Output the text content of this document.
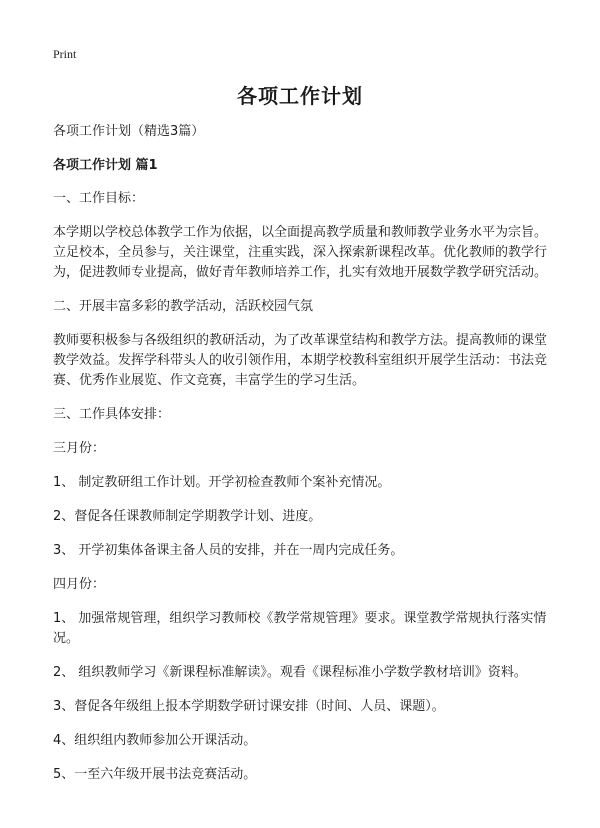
Print
各项工作计划
各项工作计划（精选3篇）
各项工作计划 篇1
一、工作目标：
本学期以学校总体教学工作为依据，以全面提高教学质量和教师教学业务水平为宗旨。立足校本，全员参与，关注课堂，注重实践，深入探索新课程改革。优化教师的教学行为，促进教师专业提高，做好青年教师培养工作，扎实有效地开展数学教学研究活动。
二、开展丰富多彩的教学活动，活跃校园气氛
教师要积极参与各级组织的教研活动，为了改革课堂结构和教学方法。提高教师的课堂教学效益。发挥学科带头人的收引领作用，本期学校教科室组织开展学生活动：书法竞赛、优秀作业展览、作文竞赛，丰富学生的学习生活。
三、工作具体安排：
三月份：
1、 制定教研组工作计划。开学初检查教师个案补充情况。
2、督促各任课教师制定学期教学计划、进度。
3、 开学初集体备课主备人员的安排，并在一周内完成任务。
四月份：
1、 加强常规管理，组织学习教师校《教学常规管理》要求。课堂教学常规执行落实情况。
2、 组织教师学习《新课程标准解读》。观看《课程标准小学数学教材培训》资料。
3、督促各年级组上报本学期数学研讨课安排（时间、人员、课题）。
4、组织组内教师参加公开课活动。
5、一至六年级开展书法竞赛活动。
